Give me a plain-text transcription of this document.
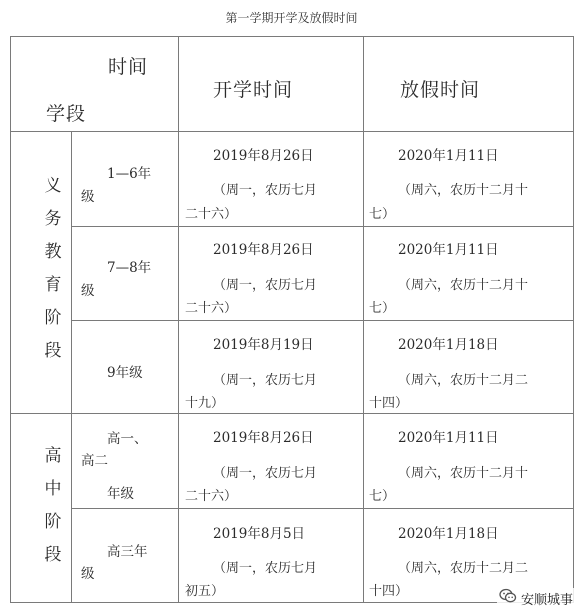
第一学期开学及放假时间
时间
学段
开学时间	放假时间
义
务
教
育
阶
段
高
中
阶
段
1—6年
级
2019年8月26日
（周一，农历七月
二十六）
2020年1月11日
（周六，农历十二月十
七）
7—8年
级
2019年8月26日
（周一，农历七月
二十六）
2020年1月11日
（周六，农历十二月十
七）
9年级
2019年8月19日
（周一，农历七月
十九）
2020年1月18日
（周六，农历十二月二
十四）
高一、
高二
年级
2019年8月26日
（周一，农历七月
二十六）
2020年1月11日
（周六，农历十二月十
七）
高三年
级
2019年8月5日
（周一，农历七月
初五）
2020年1月18日
（周六，农历十二月二
十四）
安顺城事
